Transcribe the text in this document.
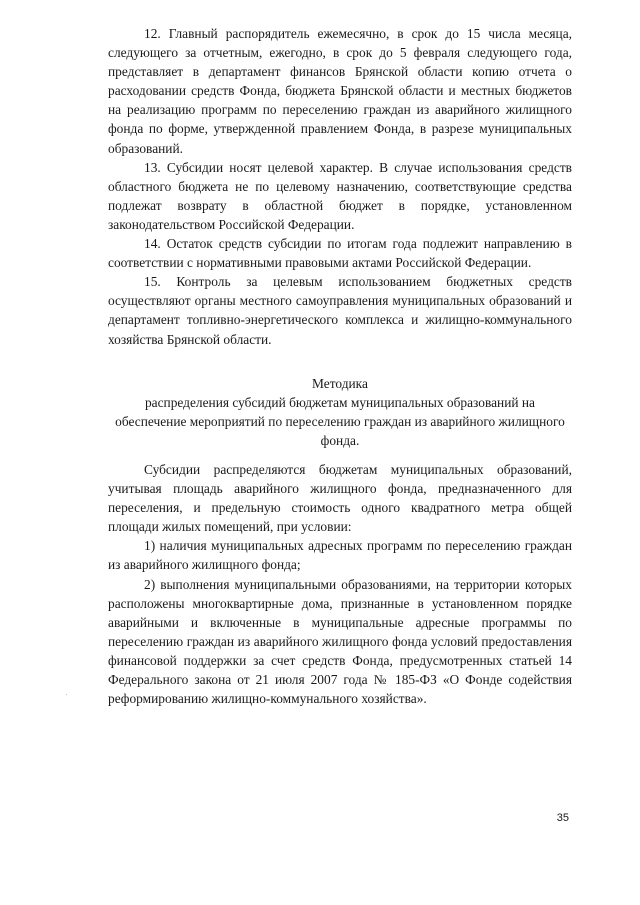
12. Главный распорядитель ежемесячно, в срок до 15 числа месяца, следующего за отчетным, ежегодно, в срок до 5 февраля следующего года, представляет в департамент финансов Брянской области копию отчета о расходовании средств Фонда, бюджета Брянской области и местных бюджетов на реализацию программ по переселению граждан из аварийного жилищного фонда по форме, утвержденной правлением Фонда, в разрезе муниципальных образований.

13. Субсидии носят целевой характер. В случае использования средств областного бюджета не по целевому назначению, соответствующие средства подлежат возврату в областной бюджет в порядке, установленном законодательством Российской Федерации.

14. Остаток средств субсидии по итогам года подлежит направлению в соответствии с нормативными правовыми актами Российской Федерации.

15. Контроль за целевым использованием бюджетных средств осуществляют органы местного самоуправления муниципальных образований и департамент топливно-энергетического комплекса и жилищно-коммунального хозяйства Брянской области.

Методика
распределения субсидий бюджетам муниципальных образований на обеспечение мероприятий по переселению граждан из аварийного жилищного фонда.

Субсидии распределяются бюджетам муниципальных образований, учитывая площадь аварийного жилищного фонда, предназначенного для переселения, и предельную стоимость одного квадратного метра общей площади жилых помещений, при условии:

1) наличия муниципальных адресных программ по переселению граждан из аварийного жилищного фонда;

2) выполнения муниципальными образованиями, на территории которых расположены многоквартирные дома, признанные в установленном порядке аварийными и включенные в муниципальные адресные программы по переселению граждан из аварийного жилищного фонда условий предоставления финансовой поддержки за счет средств Фонда, предусмотренных статьей 14 Федерального закона от 21 июля 2007 года № 185-ФЗ «О Фонде содействия реформированию жилищно-коммунального хозяйства».

35
